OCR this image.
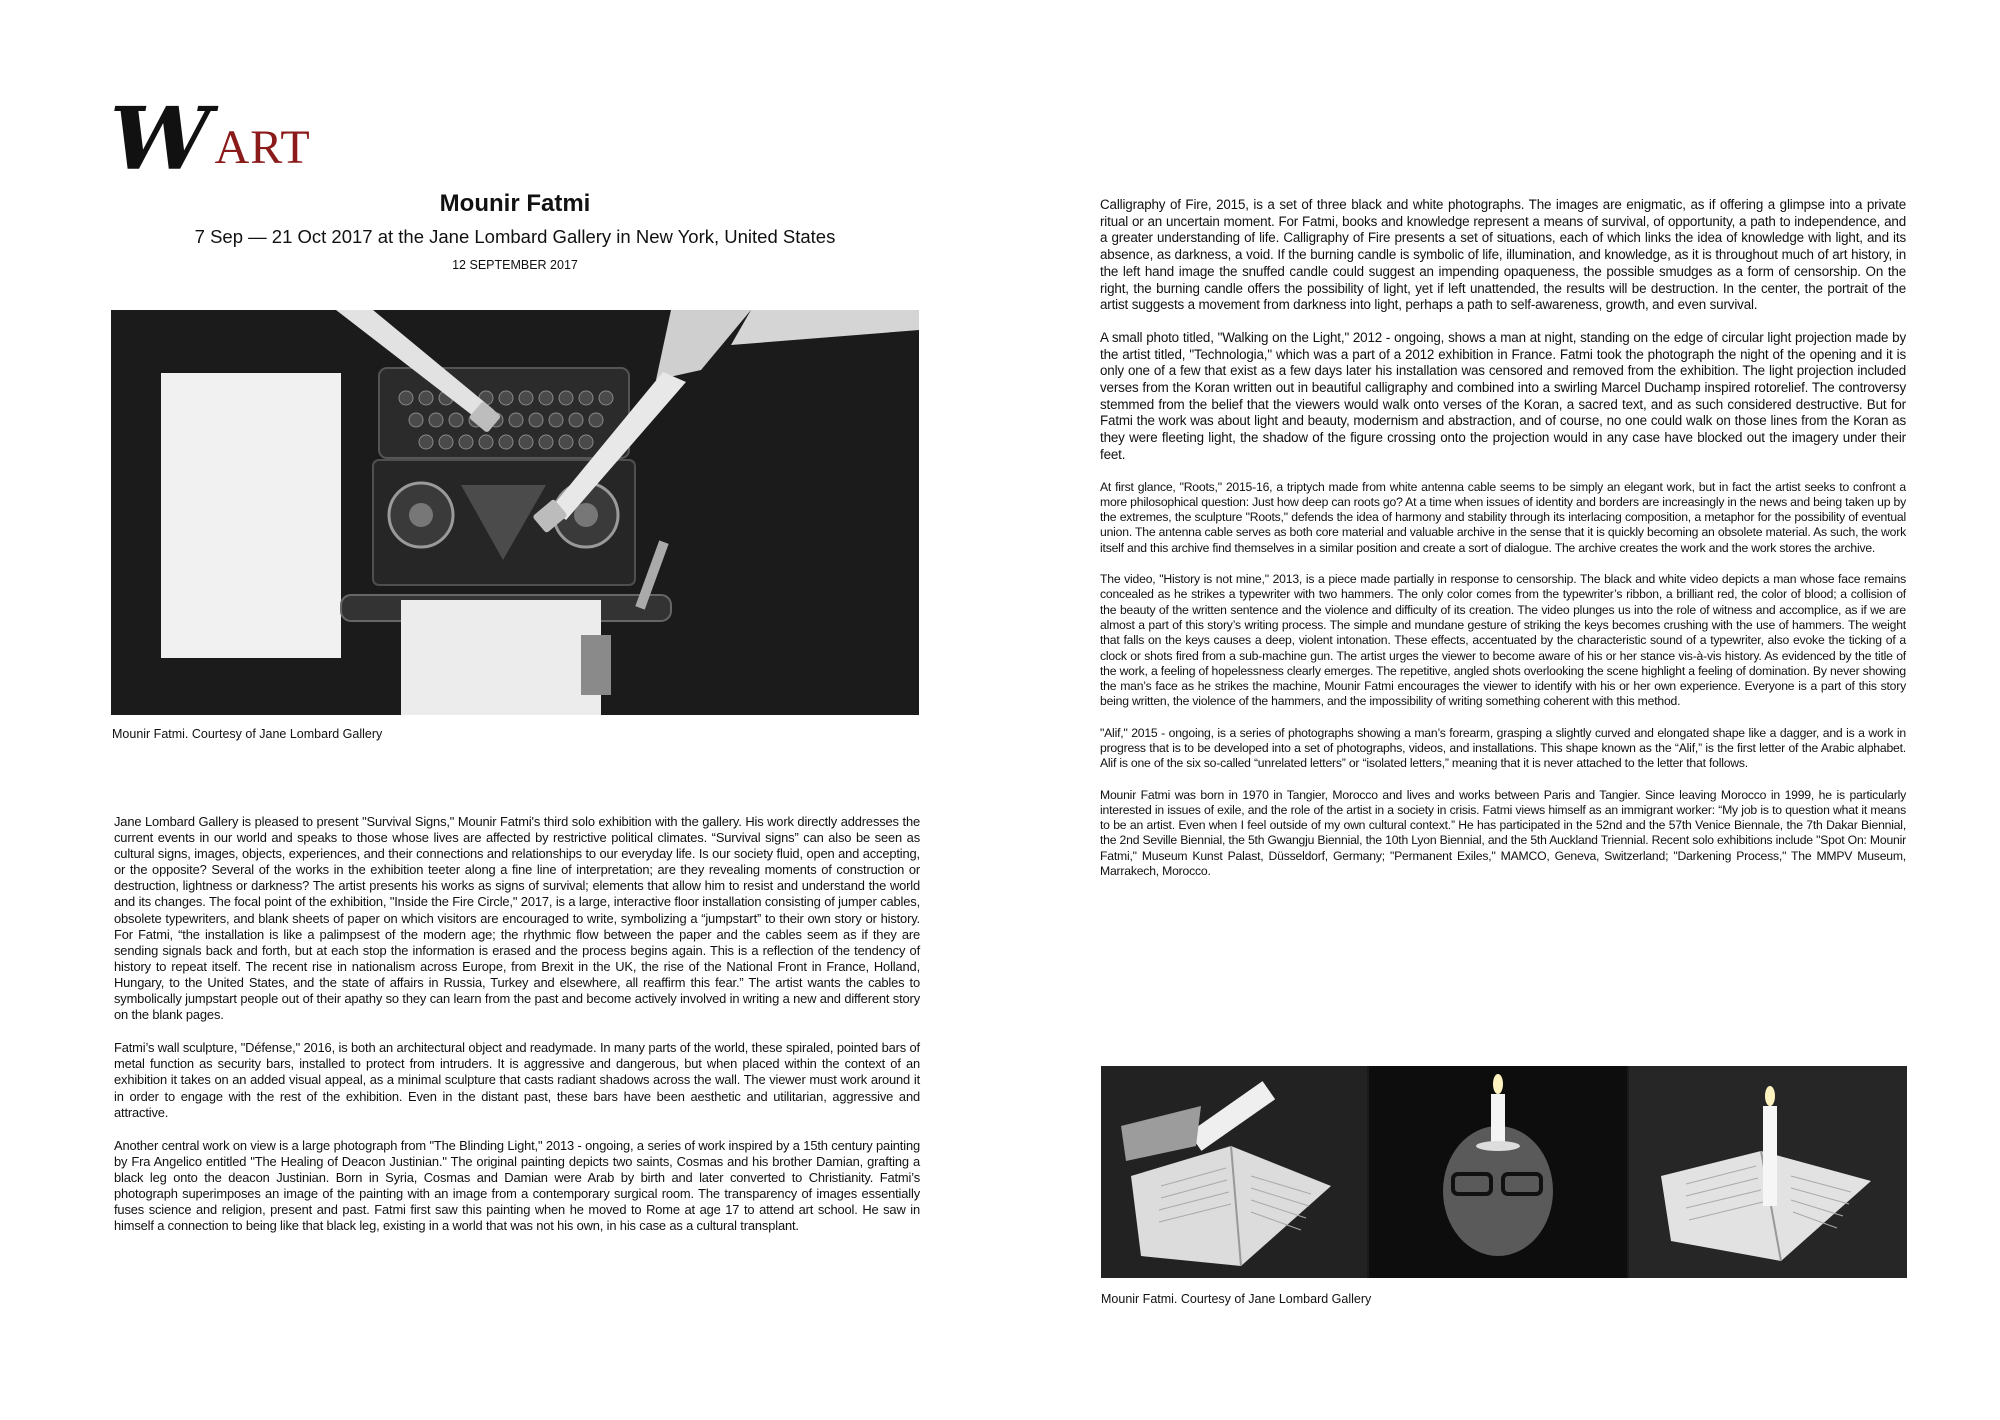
W ART
Mounir Fatmi

7 Sep — 21 Oct 2017 at the Jane Lombard Gallery in New York, United States

12 SEPTEMBER 2017

Mounir Fatmi. Courtesy of Jane Lombard Gallery

Jane Lombard Gallery is pleased to present "Survival Signs," Mounir Fatmi's third solo exhibition with the gallery. His work directly addresses the current events in our world and speaks to those whose lives are affected by restrictive political climates. “Survival signs” can also be seen as cultural signs, images, objects, experiences, and their connections and relationships to our everyday life. Is our society fluid, open and accepting, or the opposite? Several of the works in the exhibition teeter along a fine line of interpretation; are they revealing moments of construction or destruction, lightness or darkness? The artist presents his works as signs of survival; elements that allow him to resist and understand the world and its changes. The focal point of the exhibition, "Inside the Fire Circle," 2017, is a large, interactive floor installation consisting of jumper cables, obsolete typewriters, and blank sheets of paper on which visitors are encouraged to write, symbolizing a “jumpstart” to their own story or history. For Fatmi, “the installation is like a palimpsest of the modern age; the rhythmic flow between the paper and the cables seem as if they are sending signals back and forth, but at each stop the information is erased and the process begins again. This is a reflection of the tendency of history to repeat itself. The recent rise in nationalism across Europe, from Brexit in the UK, the rise of the National Front in France, Holland, Hungary, to the United States, and the state of affairs in Russia, Turkey and elsewhere, all reaffirm this fear.” The artist wants the cables to symbolically jumpstart people out of their apathy so they can learn from the past and become actively involved in writing a new and different story on the blank pages.

Fatmi’s wall sculpture, "Défense," 2016, is both an architectural object and readymade. In many parts of the world, these spiraled, pointed bars of metal function as security bars, installed to protect from intruders. It is aggressive and dangerous, but when placed within the context of an exhibition it takes on an added visual appeal, as a minimal sculpture that casts radiant shadows across the wall. The viewer must work around it in order to engage with the rest of the exhibition. Even in the distant past, these bars have been aesthetic and utilitarian, aggressive and attractive.

Another central work on view is a large photograph from "The Blinding Light," 2013 - ongoing, a series of work inspired by a 15th century painting by Fra Angelico entitled "The Healing of Deacon Justinian." The original painting depicts two saints, Cosmas and his brother Damian, grafting a black leg onto the deacon Justinian. Born in Syria, Cosmas and Damian were Arab by birth and later converted to Christianity. Fatmi’s photograph superimposes an image of the painting with an image from a contemporary surgical room. The transparency of images essentially fuses science and religion, present and past. Fatmi first saw this painting when he moved to Rome at age 17 to attend art school. He saw in himself a connection to being like that black leg, existing in a world that was not his own, in his case as a cultural transplant.

Calligraphy of Fire, 2015, is a set of three black and white photographs. The images are enigmatic, as if offering a glimpse into a private ritual or an uncertain moment. For Fatmi, books and knowledge represent a means of survival, of opportunity, a path to independence, and a greater understanding of life. Calligraphy of Fire presents a set of situations, each of which links the idea of knowledge with light, and its absence, as darkness, a void. If the burning candle is symbolic of life, illumination, and knowledge, as it is throughout much of art history, in the left hand image the snuffed candle could suggest an impending opaqueness, the possible smudges as a form of censorship. On the right, the burning candle offers the possibility of light, yet if left unattended, the results will be destruction. In the center, the portrait of the artist suggests a movement from darkness into light, perhaps a path to self-awareness, growth, and even survival.

A small photo titled, "Walking on the Light," 2012 - ongoing, shows a man at night, standing on the edge of circular light projection made by the artist titled, "Technologia," which was a part of a 2012 exhibition in France. Fatmi took the photograph the night of the opening and it is only one of a few that exist as a few days later his installation was censored and removed from the exhibition. The light projection included verses from the Koran written out in beautiful calligraphy and combined into a swirling Marcel Duchamp inspired rotorelief. The controversy stemmed from the belief that the viewers would walk onto verses of the Koran, a sacred text, and as such considered destructive. But for Fatmi the work was about light and beauty, modernism and abstraction, and of course, no one could walk on those lines from the Koran as they were fleeting light, the shadow of the figure crossing onto the projection would in any case have blocked out the imagery under their feet.

At first glance, "Roots," 2015-16, a triptych made from white antenna cable seems to be simply an elegant work, but in fact the artist seeks to confront a more philosophical question: Just how deep can roots go? At a time when issues of identity and borders are increasingly in the news and being taken up by the extremes, the sculpture "Roots," defends the idea of harmony and stability through its interlacing composition, a metaphor for the possibility of eventual union. The antenna cable serves as both core material and valuable archive in the sense that it is quickly becoming an obsolete material. As such, the work itself and this archive find themselves in a similar position and create a sort of dialogue. The archive creates the work and the work stores the archive.

The video, "History is not mine," 2013, is a piece made partially in response to censorship. The black and white video depicts a man whose face remains concealed as he strikes a typewriter with two hammers. The only color comes from the typewriter’s ribbon, a brilliant red, the color of blood; a collision of the beauty of the written sentence and the violence and difficulty of its creation. The video plunges us into the role of witness and accomplice, as if we are almost a part of this story’s writing process. The simple and mundane gesture of striking the keys becomes crushing with the use of hammers. The weight that falls on the keys causes a deep, violent intonation. These effects, accentuated by the characteristic sound of a typewriter, also evoke the ticking of a clock or shots fired from a sub-machine gun. The artist urges the viewer to become aware of his or her stance vis-à-vis history. As evidenced by the title of the work, a feeling of hopelessness clearly emerges. The repetitive, angled shots overlooking the scene highlight a feeling of domination. By never showing the man’s face as he strikes the machine, Mounir Fatmi encourages the viewer to identify with his or her own experience. Everyone is a part of this story being written, the violence of the hammers, and the impossibility of writing something coherent with this method.

"Alif," 2015 - ongoing, is a series of photographs showing a man’s forearm, grasping a slightly curved and elongated shape like a dagger, and is a work in progress that is to be developed into a set of photographs, videos, and installations. This shape known as the “Alif,” is the first letter of the Arabic alphabet. Alif is one of the six so-called “unrelated letters” or “isolated letters,” meaning that it is never attached to the letter that follows.

Mounir Fatmi was born in 1970 in Tangier, Morocco and lives and works between Paris and Tangier. Since leaving Morocco in 1999, he is particularly interested in issues of exile, and the role of the artist in a society in crisis. Fatmi views himself as an immigrant worker: “My job is to question what it means to be an artist. Even when I feel outside of my own cultural context.” He has participated in the 52nd and the 57th Venice Biennale, the 7th Dakar Biennial, the 2nd Seville Biennial, the 5th Gwangju Biennial, the 10th Lyon Biennial, and the 5th Auckland Triennial. Recent solo exhibitions include "Spot On: Mounir Fatmi," Museum Kunst Palast, Düsseldorf, Germany; "Permanent Exiles," MAMCO, Geneva, Switzerland; "Darkening Process," The MMPV Museum, Marrakech, Morocco.

Mounir Fatmi. Courtesy of Jane Lombard Gallery
